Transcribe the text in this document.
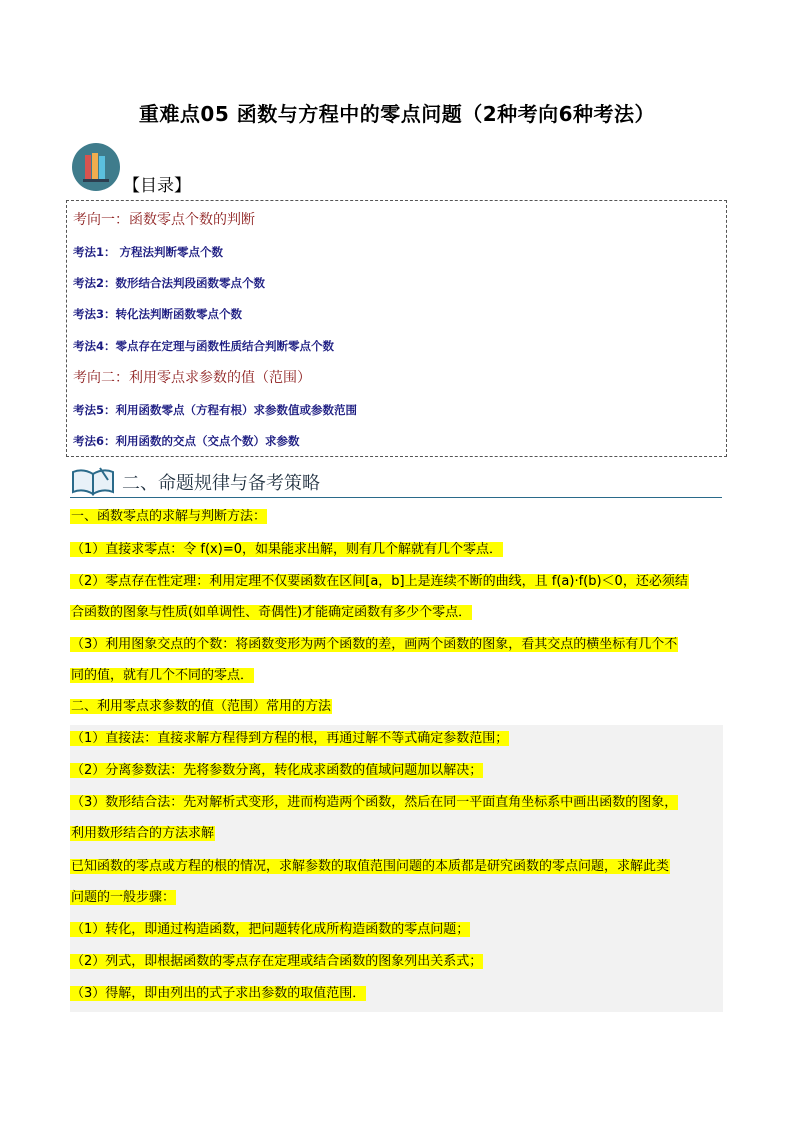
重难点05 函数与方程中的零点问题（2种考向6种考法）
【目录】
考向一：函数零点个数的判断
考法1： 方程法判断零点个数
考法2：数形结合法判段函数零点个数
考法3：转化法判断函数零点个数
考法4：零点存在定理与函数性质结合判断零点个数
考向二：利用零点求参数的值（范围）
考法5：利用函数零点（方程有根）求参数值或参数范围
考法6：利用函数的交点（交点个数）求参数
二、命题规律与备考策略
一、函数零点的求解与判断方法：
（1）直接求零点：令 f(x)=0，如果能求出解，则有几个解就有几个零点．
（2）零点存在性定理：利用定理不仅要函数在区间[a，b]上是连续不断的曲线，且 f(a)·f(b)＜0，还必须结
合函数的图象与性质(如单调性、奇偶性)才能确定函数有多少个零点．
（3）利用图象交点的个数：将函数变形为两个函数的差，画两个函数的图象，看其交点的横坐标有几个不
同的值，就有几个不同的零点．
二、利用零点求参数的值（范围）常用的方法
（1）直接法：直接求解方程得到方程的根，再通过解不等式确定参数范围；
（2）分离参数法：先将参数分离，转化成求函数的值域问题加以解决；
（3）数形结合法：先对解析式变形，进而构造两个函数，然后在同一平面直角坐标系中画出函数的图象，
利用数形结合的方法求解
已知函数的零点或方程的根的情况，求解参数的取值范围问题的本质都是研究函数的零点问题，求解此类
问题的一般步骤：
（1）转化，即通过构造函数，把问题转化成所构造函数的零点问题；
（2）列式，即根据函数的零点存在定理或结合函数的图象列出关系式；
（3）得解，即由列出的式子求出参数的取值范围．
